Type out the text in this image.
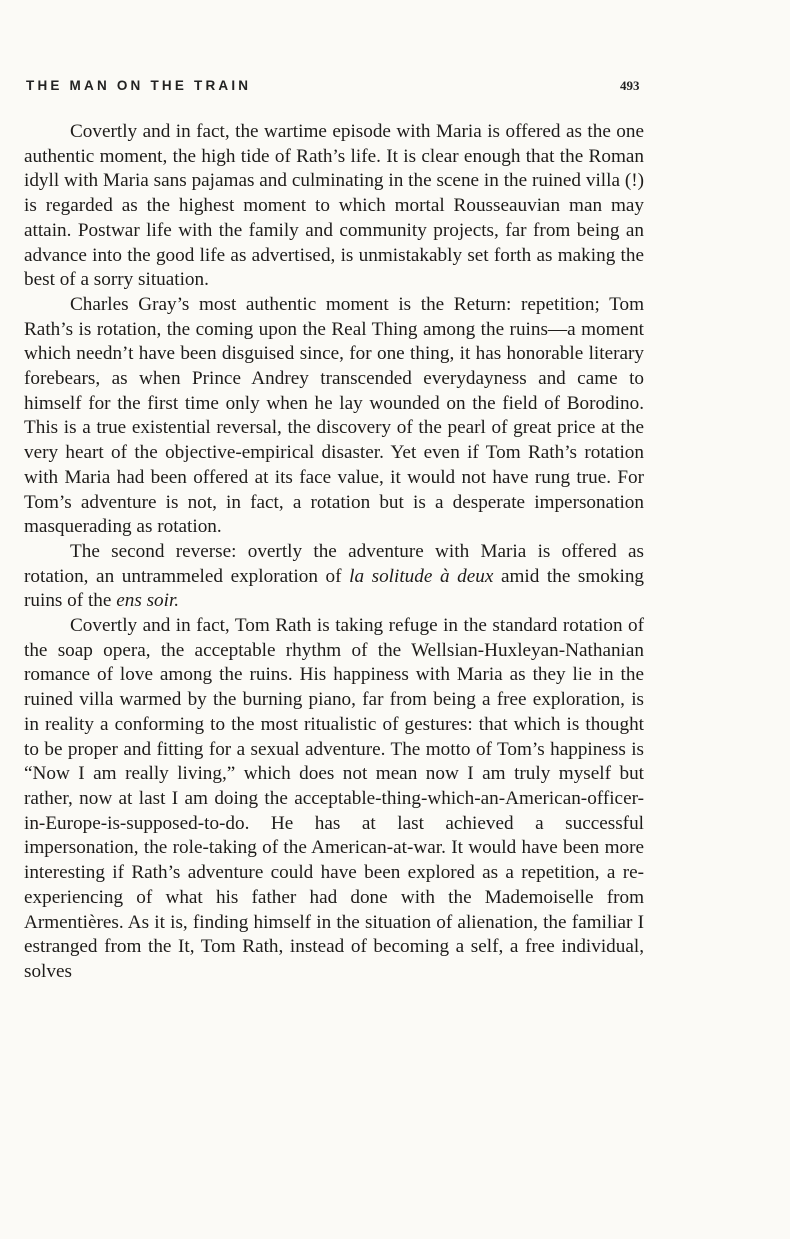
THE MAN ON THE TRAIN	493

Covertly and in fact, the wartime episode with Maria is offered as the one authentic moment, the high tide of Rath’s life. It is clear enough that the Roman idyll with Maria sans pajamas and culminating in the scene in the ruined villa (!) is regarded as the highest moment to which mortal Rousseauvian man may attain. Postwar life with the family and community projects, far from being an advance into the good life as advertised, is unmistakably set forth as making the best of a sorry situation.

Charles Gray’s most authentic moment is the Return: repetition; Tom Rath’s is rotation, the coming upon the Real Thing among the ruins—a moment which needn’t have been disguised since, for one thing, it has honorable literary forebears, as when Prince Andrey transcended everydayness and came to himself for the first time only when he lay wounded on the field of Borodino. This is a true existential reversal, the discovery of the pearl of great price at the very heart of the objective-empirical disaster. Yet even if Tom Rath’s rotation with Maria had been offered at its face value, it would not have rung true. For Tom’s adventure is not, in fact, a rotation but is a desperate impersonation masquerading as rotation.

The second reverse: overtly the adventure with Maria is offered as rotation, an untrammeled exploration of la solitude à deux amid the smoking ruins of the ens soir.

Covertly and in fact, Tom Rath is taking refuge in the standard rotation of the soap opera, the acceptable rhythm of the Wellsian-Huxleyan-Nathanian romance of love among the ruins. His happiness with Maria as they lie in the ruined villa warmed by the burning piano, far from being a free exploration, is in reality a conforming to the most ritualistic of gestures: that which is thought to be proper and fitting for a sexual adventure. The motto of Tom’s happiness is “Now I am really living,” which does not mean now I am truly myself but rather, now at last I am doing the acceptable-thing-which-an-American-officer-in-Europe-is-supposed-to-do. He has at last achieved a successful impersonation, the role-taking of the American-at-war. It would have been more interesting if Rath’s adventure could have been explored as a repetition, a re-experiencing of what his father had done with the Mademoiselle from Armentières. As it is, finding himself in the situation of alienation, the familiar I estranged from the It, Tom Rath, instead of becoming a self, a free individual, solves
